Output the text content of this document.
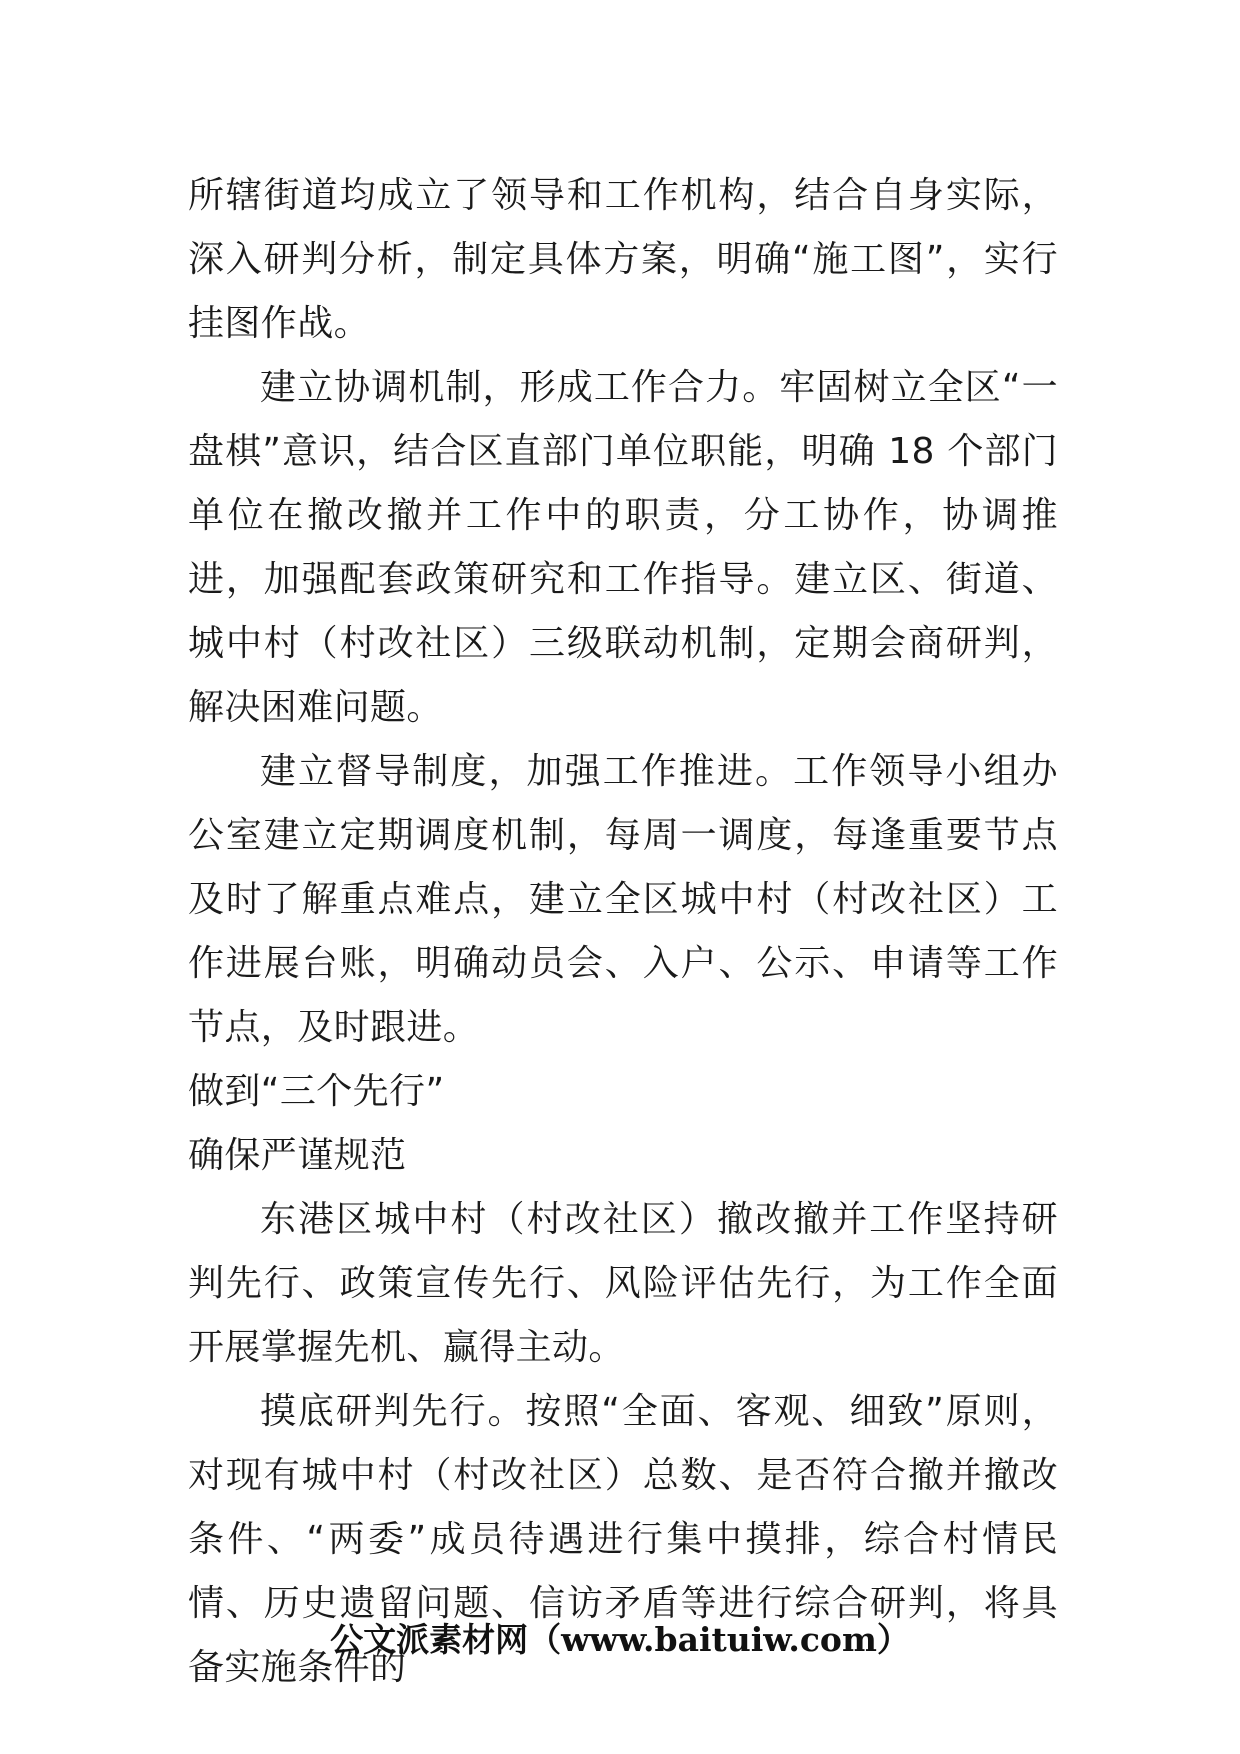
所辖街道均成立了领导和工作机构，结合自身实际，深入研判分析，制定具体方案，明确“施工图”，实行挂图作战。

建立协调机制，形成工作合力。牢固树立全区“一盘棋”意识，结合区直部门单位职能，明确 18 个部门单位在撤改撤并工作中的职责，分工协作，协调推进，加强配套政策研究和工作指导。建立区、街道、城中村（村改社区）三级联动机制，定期会商研判，解决困难问题。

建立督导制度，加强工作推进。工作领导小组办公室建立定期调度机制，每周一调度，每逢重要节点及时了解重点难点，建立全区城中村（村改社区）工作进展台账，明确动员会、入户、公示、申请等工作节点，及时跟进。

做到“三个先行”

确保严谨规范

东港区城中村（村改社区）撤改撤并工作坚持研判先行、政策宣传先行、风险评估先行，为工作全面开展掌握先机、赢得主动。

摸底研判先行。按照“全面、客观、细致”原则，对现有城中村（村改社区）总数、是否符合撤并撤改条件、“两委”成员待遇进行集中摸排，综合村情民情、历史遗留问题、信访矛盾等进行综合研判，将具备实施条件的

公文派素材网（www.baituiw.com）
